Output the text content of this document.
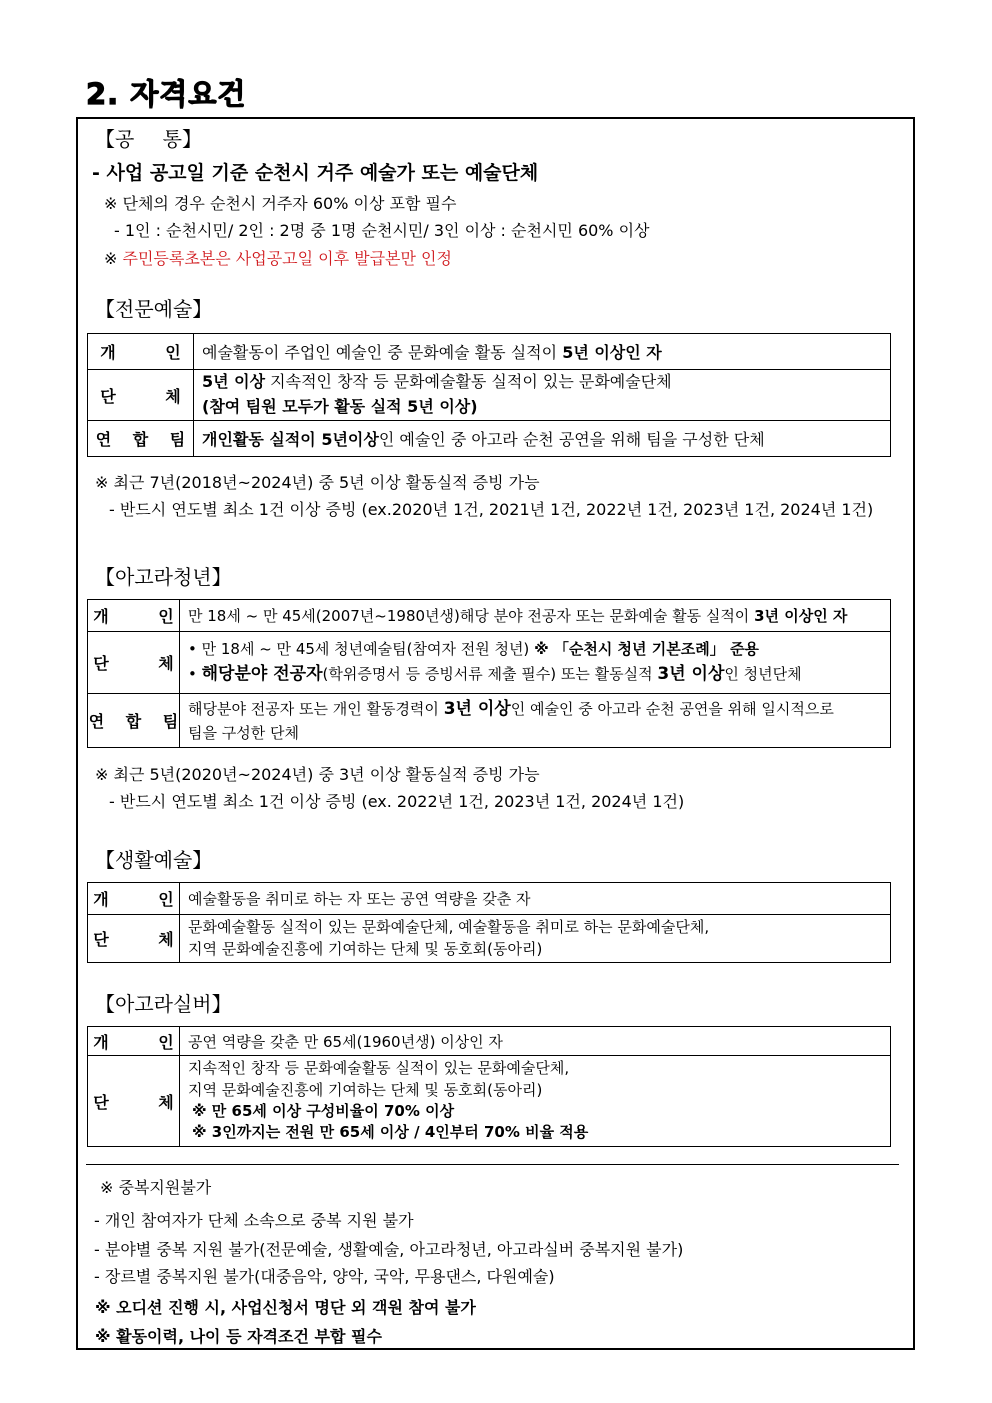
2. 자격요건
【공 통】
- 사업 공고일 기준 순천시 거주 예술가 또는 예술단체
※ 단체의 경우 순천시 거주자 60% 이상 포함 필수
- 1인 : 순천시민/ 2인 : 2명 중 1명 순천시민/ 3인 이상 : 순천시민 60% 이상
※ 주민등록초본은 사업공고일 이후 발급본만 인정
【전문예술】
개 인	예술활동이 주업인 예술인 중 문화예술 활동 실적이 5년 이상인 자
단 체	5년 이상 지속적인 창작 등 문화예술활동 실적이 있는 문화예술단체
(참여 팀원 모두가 활동 실적 5년 이상)

연 합 팀	개인활동 실적이 5년이상인 예술인 중 아고라 순천 공연을 위해 팀을 구성한 단체
※ 최근 7년(2018년~2024년) 중 5년 이상 활동실적 증빙 가능
- 반드시 연도별 최소 1건 이상 증빙 (ex.2020년 1건, 2021년 1건, 2022년 1건, 2023년 1건, 2024년 1건)
【아고라청년】
개 인	만 18세 ~ 만 45세(2007년~1980년생)해당 분야 전공자 또는 문화예술 활동 실적이 3년 이상인 자
단 체	• 만 18세 ~ 만 45세 청년예술팀(참여자 전원 청년) ※ 「순천시 청년 기본조례」 준용
• 해당분야 전공자(학위증명서 등 증빙서류 제출 필수) 또는 활동실적 3년 이상인 청년단체

연 합 팀	해당분야 전공자 또는 개인 활동경력이 3년 이상인 예술인 중 아고라 순천 공연을 위해 일시적으로
팀을 구성한 단체
※ 최근 5년(2020년~2024년) 중 3년 이상 활동실적 증빙 가능
- 반드시 연도별 최소 1건 이상 증빙 (ex. 2022년 1건, 2023년 1건, 2024년 1건)
【생활예술】
개 인	예술활동을 취미로 하는 자 또는 공연 역량을 갖춘 자
단 체	문화예술활동 실적이 있는 문화예술단체, 예술활동을 취미로 하는 문화예술단체,
지역 문화예술진흥에 기여하는 단체 및 동호회(동아리)
【아고라실버】
개 인	공연 역량을 갖춘 만 65세(1960년생) 이상인 자
단 체	지속적인 창작 등 문화예술활동 실적이 있는 문화예술단체,
지역 문화예술진흥에 기여하는 단체 및 동호회(동아리)
※ 만 65세 이상 구성비율이 70% 이상
※ 3인까지는 전원 만 65세 이상 / 4인부터 70% 비율 적용
※ 중복지원불가
- 개인 참여자가 단체 소속으로 중복 지원 불가
- 분야별 중복 지원 불가(전문예술, 생활예술, 아고라청년, 아고라실버 중복지원 불가)
- 장르별 중복지원 불가(대중음악, 양악, 국악, 무용댄스, 다원예술)
※ 오디션 진행 시, 사업신청서 명단 외 객원 참여 불가
※ 활동이력, 나이 등 자격조건 부합 필수
